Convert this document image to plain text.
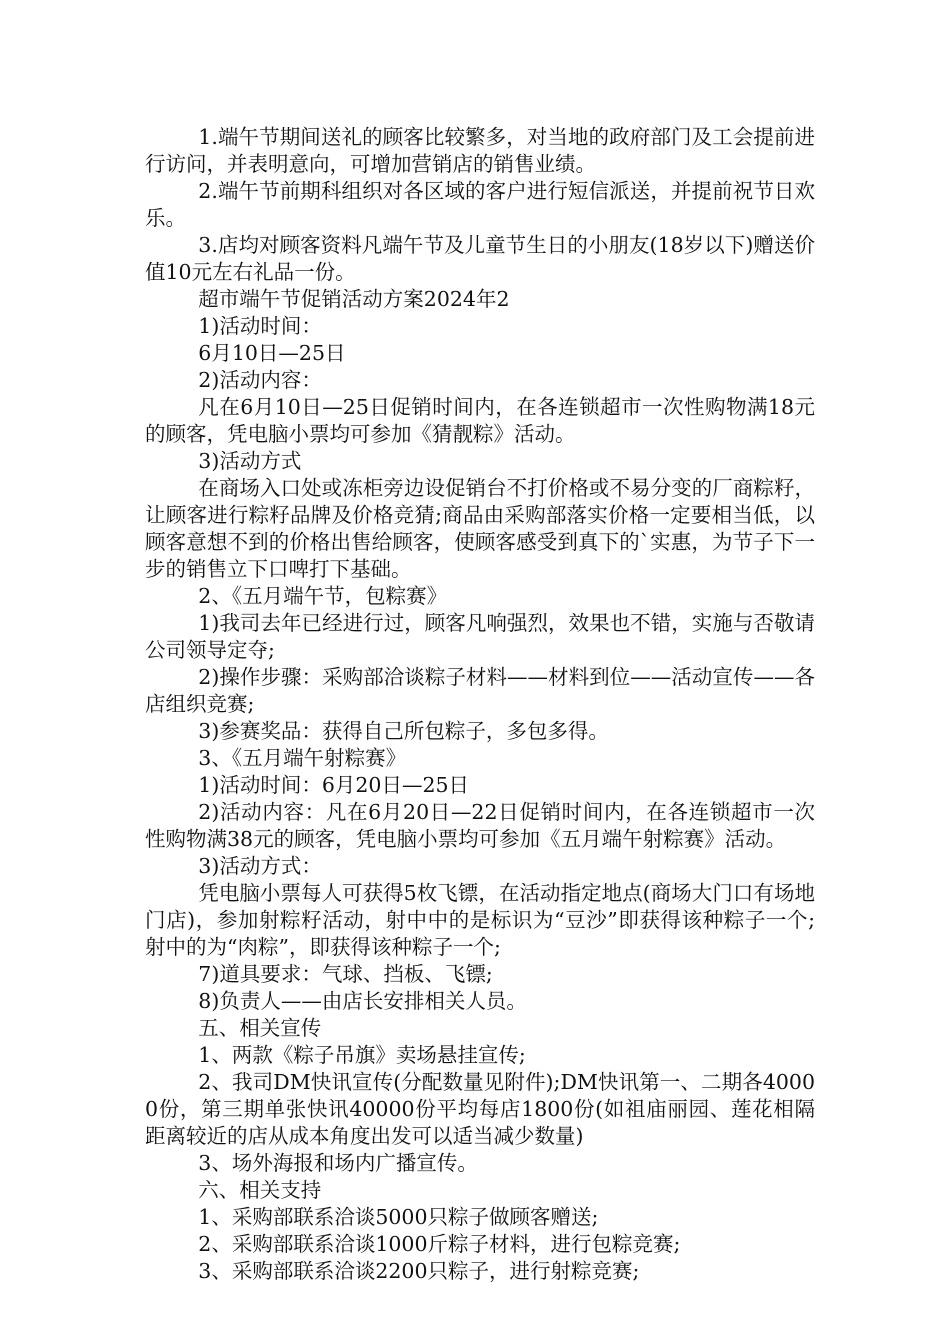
1.端午节期间送礼的顾客比较繁多，对当地的政府部门及工会提前进行访问，并表明意向，可增加营销店的销售业绩。

2.端午节前期科组织对各区域的客户进行短信派送，并提前祝节日欢乐。

3.店均对顾客资料凡端午节及儿童节生日的小朋友(18岁以下)赠送价值10元左右礼品一份。

超市端午节促销活动方案2024年2

1)活动时间：

6月10日—25日

2)活动内容：

凡在6月10日—25日促销时间内，在各连锁超市一次性购物满18元的顾客，凭电脑小票均可参加《猜靓粽》活动。

3)活动方式

在商场入口处或冻柜旁边设促销台不打价格或不易分变的厂商粽籽，让顾客进行粽籽品牌及价格竞猜;商品由采购部落实价格一定要相当低，以顾客意想不到的价格出售给顾客，使顾客感受到真下的`实惠，为节子下一步的销售立下口啤打下基础。

2、《五月端午节，包粽赛》

1)我司去年已经进行过，顾客凡响强烈，效果也不错，实施与否敬请公司领导定夺;

2)操作步骤：采购部洽谈粽子材料——材料到位——活动宣传——各店组织竞赛;

3)参赛奖品：获得自己所包粽子，多包多得。

3、《五月端午射粽赛》

1)活动时间：6月20日—25日

2)活动内容：凡在6月20日—22日促销时间内，在各连锁超市一次性购物满38元的顾客，凭电脑小票均可参加《五月端午射粽赛》活动。

3)活动方式：

凭电脑小票每人可获得5枚飞镖，在活动指定地点(商场大门口有场地门店)，参加射粽籽活动，射中中的是标识为“豆沙”即获得该种粽子一个;射中的为“肉粽”，即获得该种粽子一个;

7)道具要求：气球、挡板、飞镖;

8)负责人——由店长安排相关人员。

五、相关宣传

1、两款《粽子吊旗》卖场悬挂宣传;

2、我司DM快讯宣传(分配数量见附件);DM快讯第一、二期各40000份，第三期单张快讯40000份平均每店1800份(如祖庙丽园、莲花相隔距离较近的店从成本角度出发可以适当减少数量)

3、场外海报和场内广播宣传。

六、相关支持

1、采购部联系洽谈5000只粽子做顾客赠送;

2、采购部联系洽谈1000斤粽子材料，进行包粽竞赛;

3、采购部联系洽谈2200只粽子，进行射粽竞赛;
